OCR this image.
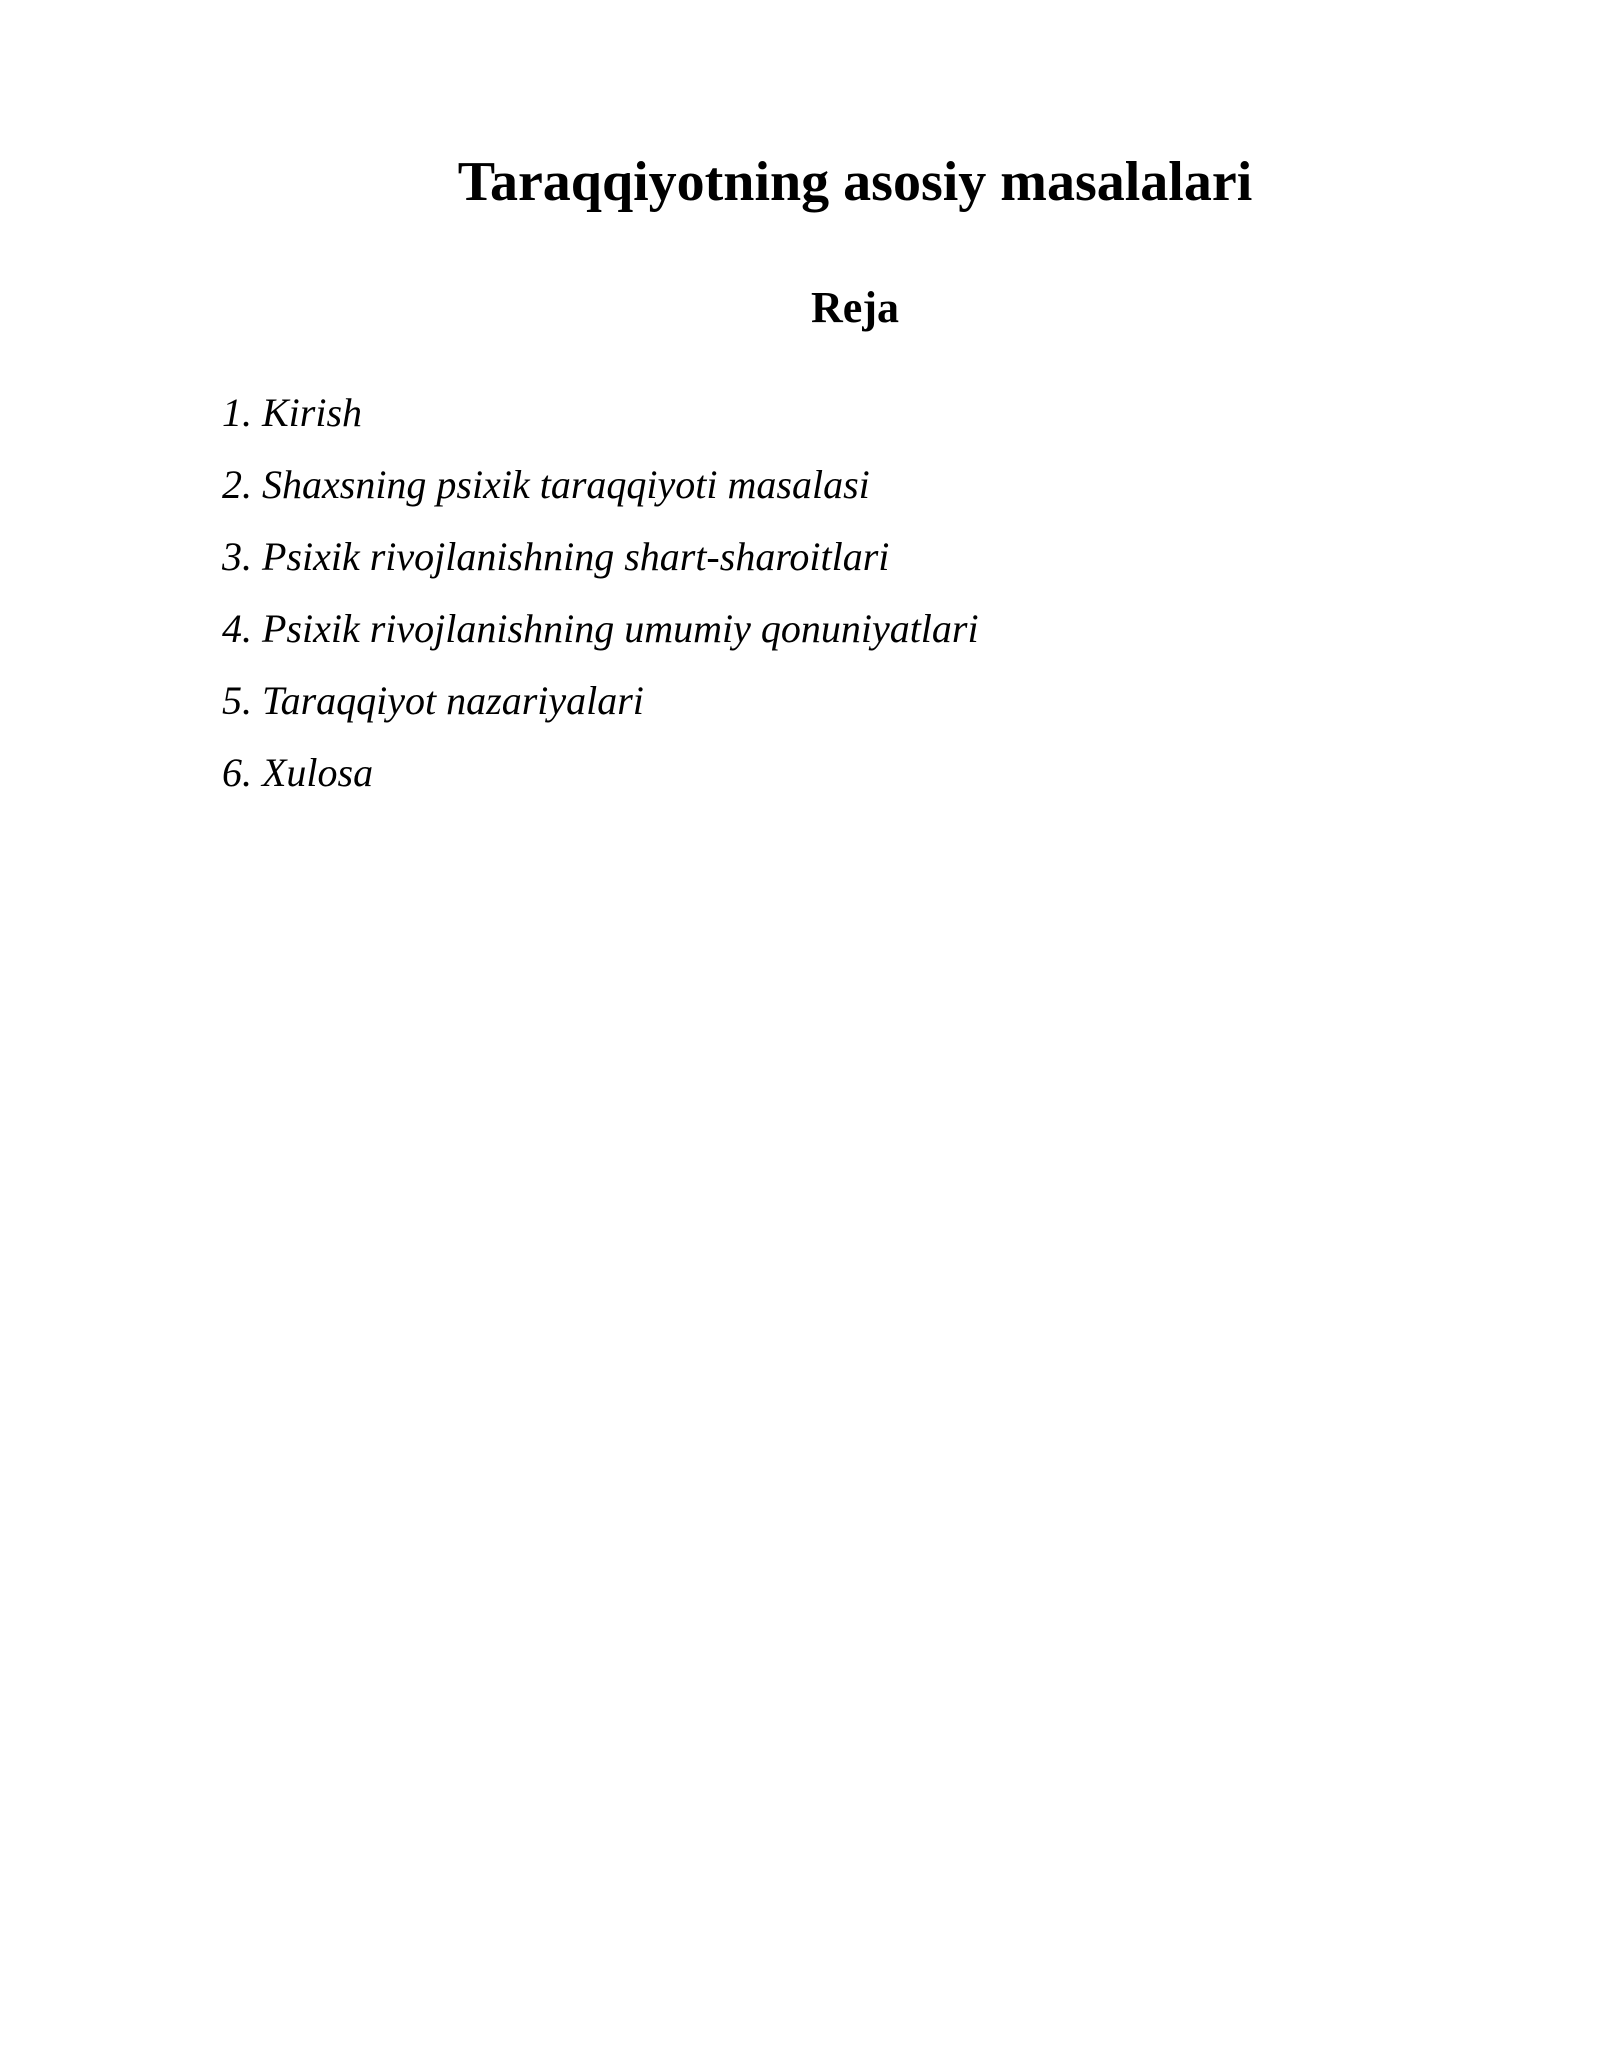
Taraqqiyotning asosiy masalalari
Reja
1. Kirish
2. Shaxsning psixik taraqqiyoti masalasi
3. Psixik rivojlanishning shart-sharoitlari
4. Psixik rivojlanishning umumiy qonuniyatlari
5. Taraqqiyot nazariyalari
6. Xulosa
